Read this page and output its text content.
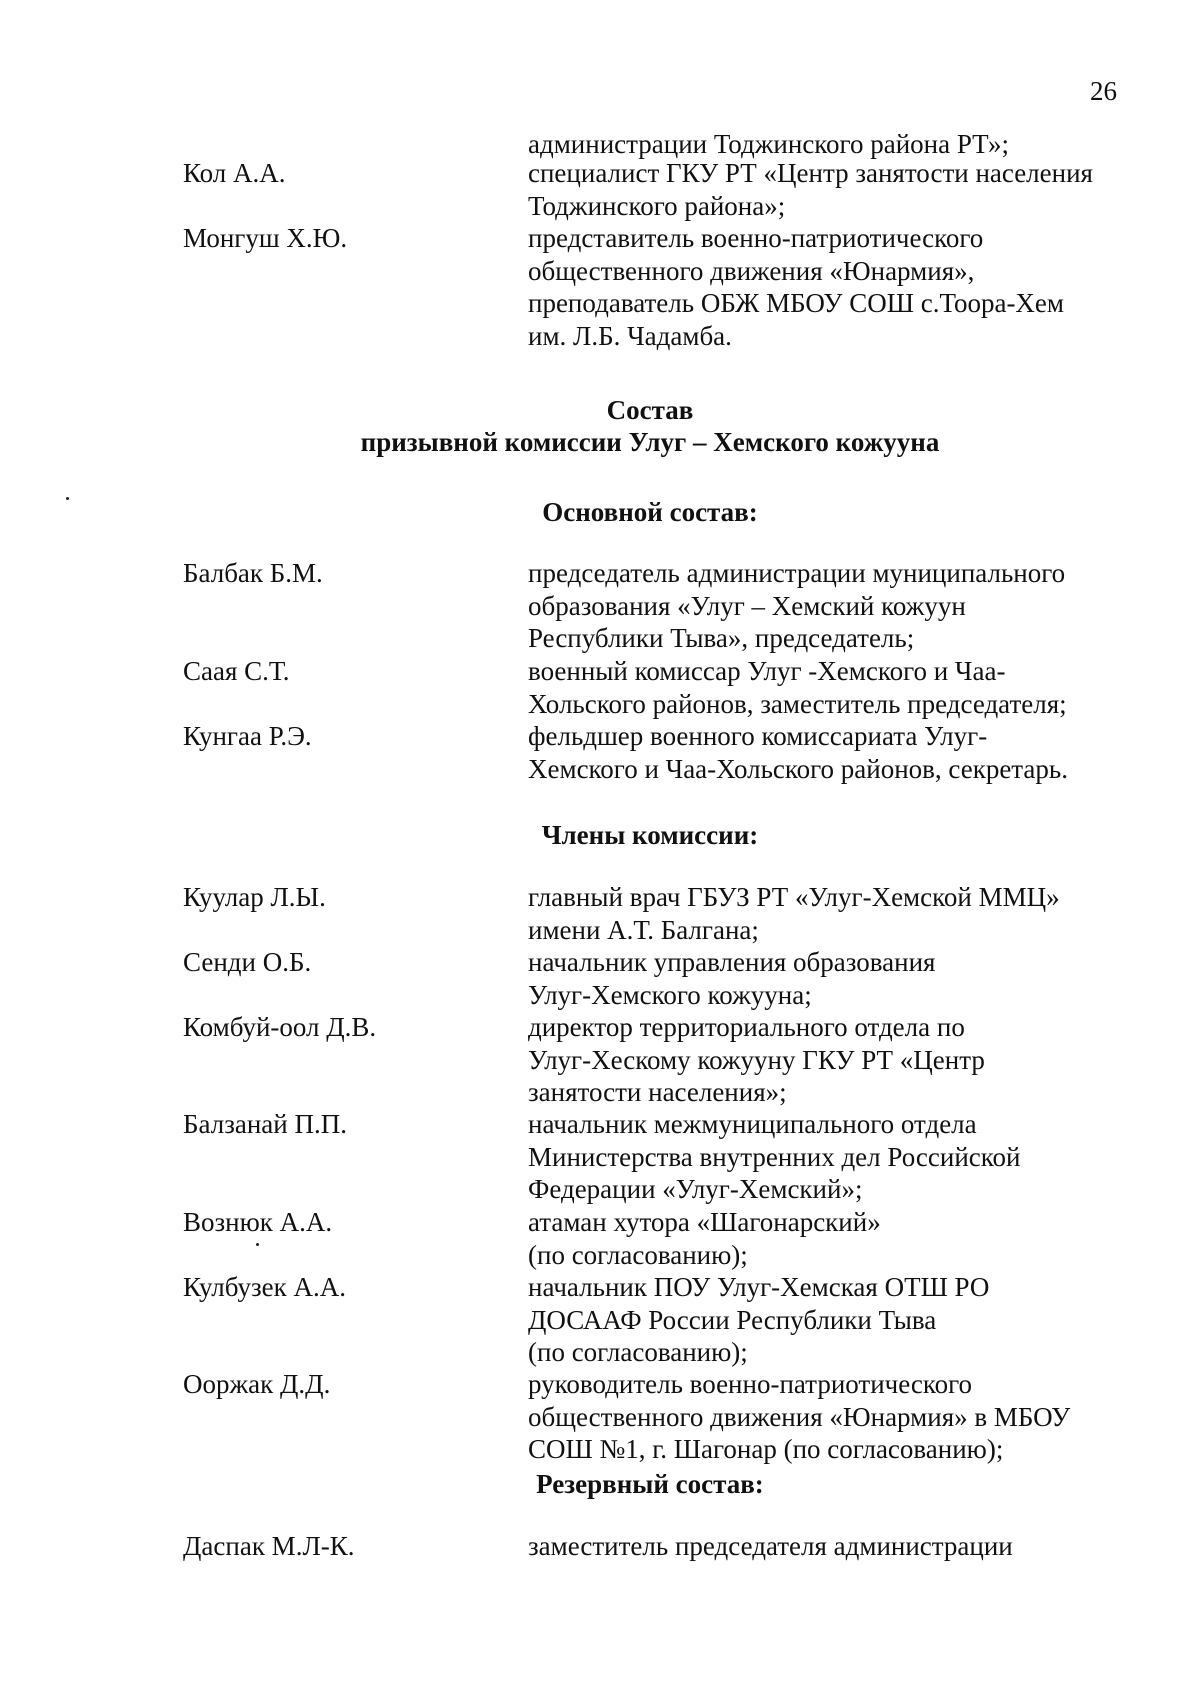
26
администрации Тоджинского района РТ»;
Кол А.А.	специалист ГКУ РТ «Центр занятости населения
Тоджинского района»;
Монгуш Х.Ю.	представитель военно-патриотического
общественного движения «Юнармия»,
преподаватель ОБЖ МБОУ СОШ с.Тоора-Хем
им. Л.Б. Чадамба.
Состав
призывной комиссии Улуг – Хемского кожууна
Основной состав:
Балбак Б.М.	председатель администрации муниципального
образования «Улуг – Хемский кожуун
Республики Тыва», председатель;
Саая С.Т.	военный комиссар Улуг -Хемского и Чаа-
Хольского районов, заместитель председателя;
Кунгаа Р.Э.	фельдшер военного комиссариата Улуг-
Хемского и Чаа-Хольского районов, секретарь.
Члены комиссии:
Куулар Л.Ы.	главный врач ГБУЗ РТ «Улуг-Хемской ММЦ»
имени А.Т. Балгана;
Сенди О.Б.	начальник управления образования
Улуг-Хемского кожууна;
Комбуй-оол Д.В.	директор территориального отдела по
Улуг-Хескому кожууну ГКУ РТ «Центр
занятости населения»;
Балзанай П.П.	начальник межмуниципального отдела
Министерства внутренних дел Российской
Федерации «Улуг-Хемский»;
Вознюк А.А.	атаман хутора «Шагонарский»
(по согласованию);
Кулбузек А.А.	начальник ПОУ Улуг-Хемская ОТШ РО
ДОСААФ России Республики Тыва
(по согласованию);
Ооржак Д.Д.	руководитель военно-патриотического
общественного движения «Юнармия» в МБОУ
СОШ №1, г. Шагонар (по согласованию);
Резервный состав:
Даспак М.Л-К.	заместитель председателя администрации
